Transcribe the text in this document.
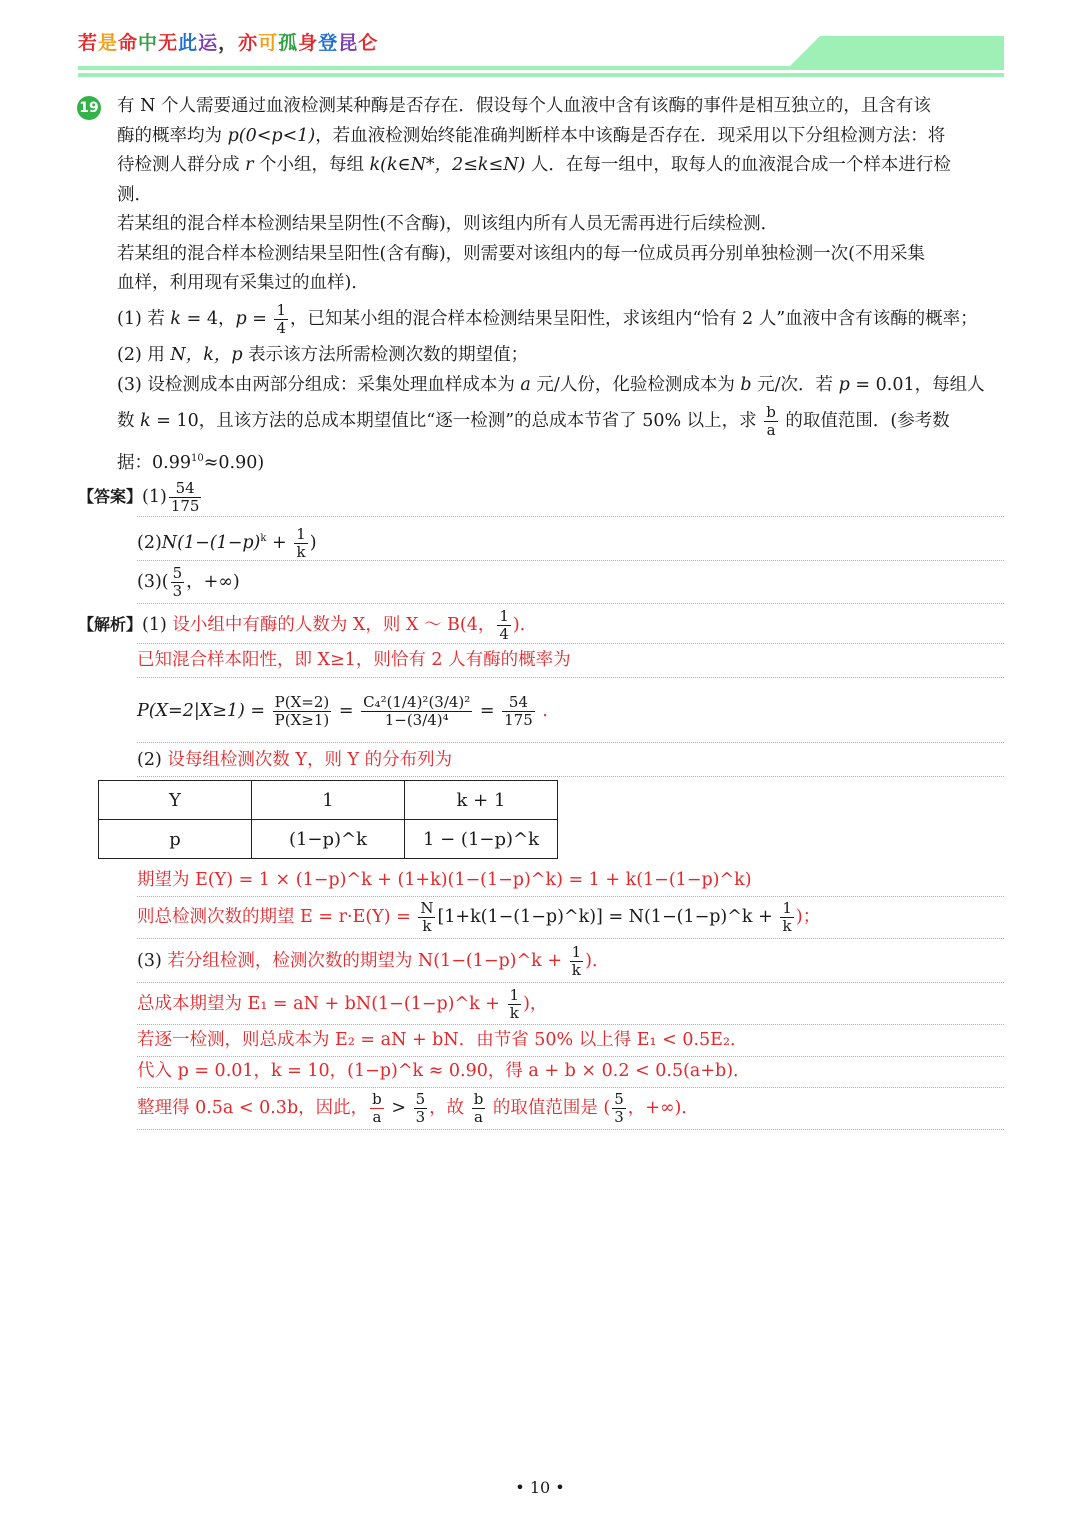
若是命中无此运，亦可孤身登昆仑
19 有 N 个人需要通过血液检测某种酶是否存在．假设每个人血液中含有该酶的事件是相互独立的，且含有该
酶的概率均为 p(0<p<1)，若血液检测始终能准确判断样本中该酶是否存在．现采用以下分组检测方法：将
待检测人群分成 r 个小组，每组 k(k∈N*，2≤k≤N) 人．在每一组中，取每人的血液混合成一个样本进行检
测．
若某组的混合样本检测结果呈阴性(不含酶)，则该组内所有人员无需再进行后续检测．
若某组的混合样本检测结果呈阳性(含有酶)，则需要对该组内的每一位成员再分别单独检测一次(不用采集
血样，利用现有采集过的血样)．
(1) 若 k = 4，$p = \frac{1}{4}$ ，已知某小组的混合样本检测结果呈阳性，求该组内“恰有 2 人”血液中含有该酶的概率；
(2) 用 N，k，p 表示该方法所需检测次数的期望值；
(3) 设检测成本由两部分组成：采集处理血样成本为 a 元/人份，化验检测成本为 b 元/次．若 p = 0.01，每组人
数 k = 10，且该方法的总成本期望值比“逐一检测”的总成本节省了 50% 以上，求 $\frac{b}{a}$ 的取值范围．(参考数
据：$0.99^{10}\approx 0.90$)
【答案】$(1) \frac{54}{175}$
$(2)N(1-(1-p)^k + \frac{1}{k}$ )
$(3)( \frac{5}{3}$ ，+∞)
【解析】(1) 设小组中有酶的人数为 X，则 X ～ B(4， $\frac{1}{4}$ )．
已知混合样本阳性，即 X≥1，则恰有 2 人有酶的概率为
$P(X=2|X\ge 1) = \frac{P(X=2)}{P(X\ge 1)} = \frac{\text{C₄²(1/4)²(3/4)²}}{\text{1−(3/4)⁴}} = \frac{54}{175}$ ．
(2) 设每组检测次数 Y，则 Y 的分布列为
Y	1	k + 1
p	(1−p)^k	1 − (1−p)^k
期望为 E(Y) = 1 × (1−p)^k + (1+k)(1−(1−p)^k) = 1 + k(1−(1−p)^k)
则总检测次数的期望 $E = r\cdot E(Y) = \frac{N}{k}$ [1+k(1−(1−p)^k)] = N(1−(1−p)^k + $\frac{1}{k}$ )；
(3) 若分组检测，检测次数的期望为 N(1−(1−p)^k + $\frac{1}{k}$ )．
总成本期望为 E₁ = aN + bN(1−(1−p)^k + $\frac{1}{k}$ )，
若逐一检测，则总成本为 E₂ = aN + bN．由节省 50% 以上得 E₁ < 0.5E₂．
代入 p = 0.01，k = 10，(1−p)^k ≈ 0.90，得 a + b × 0.2 < 0.5(a+b)．
整理得 0.5a < 0.3b，因此， $\frac{b}{a} > \frac{5}{3}$ ，故 $\frac{b}{a}$ 的取值范围是 ( $\frac{5}{3}$ ，+∞)．
• 10 •
